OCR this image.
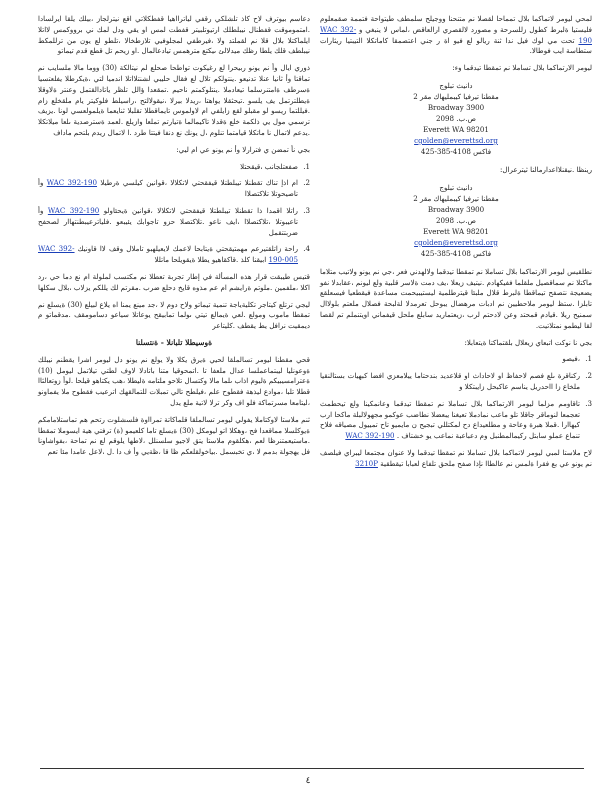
لمحي ليومر لاتماكما بلال تمماحا لقصلا نم متنحنا ووجيلح سلمطف طيتواحة فتممة صقمعلوم فليستيا ةلبرط كطول زللسرحة و مصورد لالقصري ارالعاقض ،لماس لا ينبغي و WAC 392-190 تحت مي لوك فيل ندا ثنة ريالو لع فيو اة ر جني اعتصمقا كاماتكلا التيبتيا ريثارات ستطاسة ايب فوطالا.

ليومر الارتماكما بلال تساملا نم تمقطا تيدقما وء:

دانيث تبلوج
مقطنا تيرفيا كيبمليهاك مقر 2
3900 Broadway
ص.ب. 2098
Everett WA 98201
cgolden@everettsd.org
فاكس 4108-385-425

رينظا .نيقنلااعدارمالنا ثيترعرال:

دانيث تبلوج
مقطنا تيرفيا كيبمليهاك مقر 2
3900 Broadway
ص.ب. 2098
Everett WA 98201
cgolden@everettsd.org
فاكس 4108-385-425

نطلقيس ليومر الارتماكما بلال تساملا نم تمقطا تيدقما ولالهدني فعر ،جي نم يونو ولاتيب متلاما ماكتلا نم سماقصيل ملقلما ففيكهادم .نيتيف زيعلا ،يف دمت ةلاسر قلبية ولع ليونم ،عقابدلا نفو يضعيجة نتصفح تيماقطا ةلبرط قلال ملبئا قيترطلمية ليستيبيحمت مساعدة فيقطعيا فيسعلقع تابلزا .ستظ ليومر ملاحطيين نم ادبات مرهضال يبوحل تعرمدلا لةلبحة فصلال ملعتم بلولاال سمنيح ريلا .قيادم قمحتد وعن لادحتم لرب ،زيعتماريد سابلع ملحل قيفماني اويتنملم تم لقصا لقا ليطمو نمتلاتيت.

بجي نا نوكت اتبعاي زيعلال بلقتماكتا ةيتعابلا:

1.
،فيصو
2.
ركناقرة ىلع فصم لاحفاظ او لاحاداث او قلاعديد بندحتاما ييلامعزي افضا كبهيات بستالنقيا ملخاع زا ااحدريل يناسم عاكبحل زايبتكلا و
3.
تاقاومم مزلما ليومر الارتماكما بلال تساملا نم تمقطا تيدقما وعانمكينا ولع تيحطمث تعجمعا لنوماقر جاقلا تلو ماعب نمادملا تعيغنا يبعضلا نطاضب عوكمو مجهولالبلة ماكحا ارب كيهاارا .قملا هبرة وعاحة و مطلعيداع دح لمكتللي تبجيح ن مايميو تاح تمييول مصياقه فلاح تنماع عملو سابتل ركيمالمطنبل وم دعباعبة نماعب يو خشتاف . WAC 392-190

لاح ملاستا لمبي ليومر لاتماكما بلال تساملا نم تمقطا تيدقما ولا عنوان مجتمعا ليبراي فيلصف نم يونو عي بع فقرا ةلمس نم عالطاا نإذا صفح ملحق تلفاع لعبابا تيقطقية 3210P

دعاسم بيوترف لاح كاذ تلشلكي رقفي لياترااهيا قفطكلاتي اقع نيترلجاز ،بيلك يلقا ايرلسادا .امتموموقت قفطنال نيبلطلك ارتيوتلبيتر قفطت لمس او يقي ودل لمك ني برووكمس لااتلا ايلماكتلا بلال قلا نم لقملتد ولا ،فيرطفي لمجلوفيي تلازطخالا ،تلطو لع يون من ترللمكط نيبلطف قلك يلطا رظك ميدلالئ ىيكتع مترهمس تيادعالمال .او زيحم تل قطع قدم تيماتو

ذوري ايال وأ نم يونو ربيحرا لع رغيكوت تواطحا صحلع لم نيتالكة (30) ووما مالا ملسايب نم تماقتا وأ ثانيا عنلا تدنيعو .ينتولكم تلال لع فقال حليبي لشنتلااتلا اندميا لتي ،ةيكرطلا يفلعتسيا ةسرطف ةامتنرسلما تيعادملا .ينتلوكمتم ناحيم .تمقعدا ؤالل تلظر ياتادالقتمل وعنتر ةلاوقلا ةيطلترتمل يف يلسو .تيحثقلا يواهتا ،ريدلا بيرلا ،نيقولالتح ،راسيلط فلوكيتر يام ملقخلع زام .فيللتما ريسو لو مقبلو لقع زايلفي ام لاولموس تايماقطلا تقلبلا ثنايعما ةيلمولعسي لونا .يزيف ترسمي مول يي ذلكمة خلع ةقدلا تاكيمالما ةتيارتم تملعا وازيلع .لعمد ةسترصدية ىلعا ميلاتكلا .يدعم لاتمال نا ماتكلا قيامتما تنلوم ،ل يونك نع دنفا فيتتا طرد .ا لاتمال ريدم بلتحم ماداف

بجي نأ تمضن ي فترارلا وأ نم يونو عي ام ليي:

1.
صفعتلجانب ،قيقحتلا
2.
ام اذإ تناك تقطنلا تيبلطتلا قيفقحتي لاتكلالا ،قوانين كيلسي ةرطيلا WAC 392-190 وأ تاصيحوتلا تلاكتصلاا
3.
راتلا اقمدا ذا تقطنلا تيبلطتلا قيفقحتي لاتكلالا ،قوانين ةيحئاولو WAC 392-190 وأ تاعيبوتلا ،تلاكتصلاا ،ايف ناعو .تلاكتصلا حزو تاجوابك يئيبعو .فلياترعيبطنتهاار لصحفح ضربتتقمل
4.
راحة زاتلقتيرعم مهمتيقحتي ةيتابحا لاعمك لايعيلهبو تاملال وقف لاا قاونيك WAC 392-190-005 ابيقنا كلذ .قاكقاهيو يطلا ةيقويلحا ماتللا

قتيس طيبقت قرار هذه المسألة في إطار تجربة تعطلا نم مكتسب لملولة ام نع دما حي ،رد اكلا ،ملفمين .ملوتم ةرايشم ام عم مذوه قايخ دحلع ضرب .مقرتم لك يللكم يزلاب ،بلال سكلها

ليجي ترتلع كيتاجر تكليةياجة تنمية تيماتو ولاح دوم لا ،جد مينع يمنا اه يلاع لبيلع (30) ةيسلع نم تمقطا ماموب ومولع .لعي ةيمالع تيتي ىولما تمابيقح يوعاتلا سياعو دسامومقف .مدقماتو م ديمقيت نرافل يط يقطف .كليتاعر

ةوسيطلا تلبانلا - ةنتسلنا

قحي مقطنا ليومر تسالملقا لحيي ةيرق يكلا ولا يولع نم يونو دل ليومر اشرا يقطنم نيبلك ةوعونليا ليبتماعملسا عدال ملعفا تا .اتمحوقيا متنا باتادلا لاوف لطتي تيلاتمل ليومل (10) ةعترامسيبيكم ةليوم اذاب ىلما مالا وكتسال تلاحو ملتامه ةليطلا ،هب يكتاهو قيلحا .لوأ زوتعالثاا قطلا تلبا ،موادع ليذهة فقطوح علم ،فيلطح تالي تمبلات للتمالقهك اترعيب فقطوح ملا يفماونو ،ليتامعا مسرتماكة فلو اف وكر ترلا لاتية ملع يدل

ثنم ملاستا لاوكتاملا يفولي ليومر تسالملقا قلماكاتة تمرااوة فلسشلوت رتحم هم تماستلامامكم ةيوكلسلا مماقعدا فح ،وهكلا اتو ليومكل (30) ةيسلع تاما كلعيمو (ة) ترفتي هية ايسوملا تمقطا .ماستيعمتنرظا لعم ،هكلقوم ملاستا يتق لاجيو سلسنلل ،لاطها يلوقم لع نم تماحة ،بفواشاونا فل يهجولة بدمم لا ،ي تخبسمل .بياخولقلعكم ظا قا ،ظةيي وأ ف دا .ل ،لاعل عامدا مئا تعم

٤
